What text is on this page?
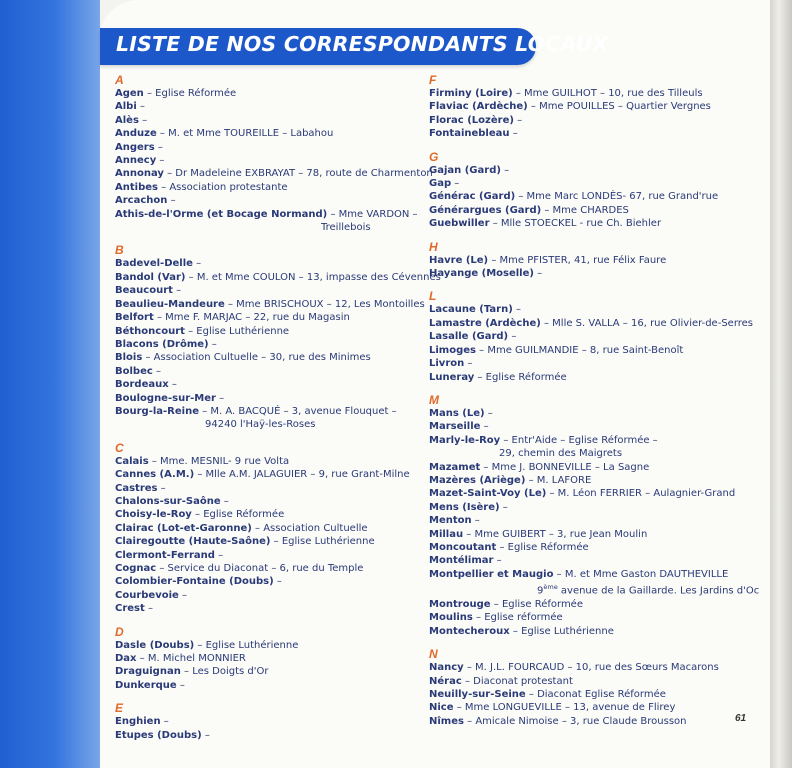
LISTE DE NOS CORRESPONDANTS LOCAUX
A
Agen – Eglise Réformée
Albi –
Alès –
Anduze – M. et Mme TOUREILLE – Labahou
Angers –
Annecy –
Annonay – Dr Madeleine EXBRAYAT – 78, route de Charmenton
Antibes – Association protestante
Arcachon –
Athis-de-l'Orme (et Bocage Normand) – Mme VARDON –
Treillebois
B
Badevel-Delle –
Bandol (Var) – M. et Mme COULON – 13, impasse des Cévennes
Beaucourt –
Beaulieu-Mandeure – Mme BRISCHOUX – 12, Les Montoilles
Belfort – Mme F. MARJAC – 22, rue du Magasin
Béthoncourt – Eglise Luthérienne
Blacons (Drôme) –
Blois – Association Cultuelle – 30, rue des Minimes
Bolbec –
Bordeaux –
Boulogne-sur-Mer –
Bourg-la-Reine – M. A. BACQUÉ – 3, avenue Flouquet –
94240 l'Haÿ-les-Roses
C
Calais – Mme. MESNIL- 9 rue Volta
Cannes (A.M.) – Mlle A.M. JALAGUIER – 9, rue Grant-Milne
Castres –
Chalons-sur-Saône –
Choisy-le-Roy – Eglise Réformée
Clairac (Lot-et-Garonne) – Association Cultuelle
Clairegoutte (Haute-Saône) – Eglise Luthérienne
Clermont-Ferrand –
Cognac – Service du Diaconat – 6, rue du Temple
Colombier-Fontaine (Doubs) –
Courbevoie –
Crest –
D
Dasle (Doubs) – Eglise Luthérienne
Dax – M. Michel MONNIER
Draguignan – Les Doigts d'Or
Dunkerque –
E
Enghien –
Etupes (Doubs) –
F
Firminy (Loire) – Mme GUILHOT – 10, rue des Tilleuls
Flaviac (Ardèche) – Mme POUILLES – Quartier Vergnes
Florac (Lozère) –
Fontainebleau –
G
Gajan (Gard) –
Gap –
Générac (Gard) – Mme Marc LONDÈS- 67, rue Grand'rue
Générargues (Gard) – Mme CHARDES
Guebwiller – Mlle STOECKEL - rue Ch. Biehler
H
Havre (Le) – Mme PFISTER, 41, rue Félix Faure
Hayange (Moselle) –
L
Lacaune (Tarn) –
Lamastre (Ardèche) – Mlle S. VALLA – 16, rue Olivier-de-Serres
Lasalle (Gard) –
Limoges – Mme GUILMANDIE – 8, rue Saint-Benoît
Livron –
Luneray – Eglise Réformée
M
Mans (Le) –
Marseille –
Marly-le-Roy – Entr'Aide – Eglise Réformée –
29, chemin des Maigrets
Mazamet – Mme J. BONNEVILLE – La Sagne
Mazères (Ariège) – M. LAFORE
Mazet-Saint-Voy (Le) – M. Léon FERRIER – Aulagnier-Grand
Mens (Isère) –
Menton –
Millau – Mme GUIBERT – 3, rue Jean Moulin
Moncoutant – Eglise Réformée
Montélimar –
Montpellier et Maugio – M. et Mme Gaston DAUTHEVILLE
9ème avenue de la Gaillarde. Les Jardins d'Oc
Montrouge – Eglise Réformée
Moulins – Eglise réformée
Montecheroux – Eglise Luthérienne
N
Nancy – M. J.L. FOURCAUD – 10, rue des Sœurs Macarons
Nérac – Diaconat protestant
Neuilly-sur-Seine – Diaconat Eglise Réformée
Nice – Mme LONGUEVILLE – 13, avenue de Flirey
Nîmes – Amicale Nimoise – 3, rue Claude Brousson	61
